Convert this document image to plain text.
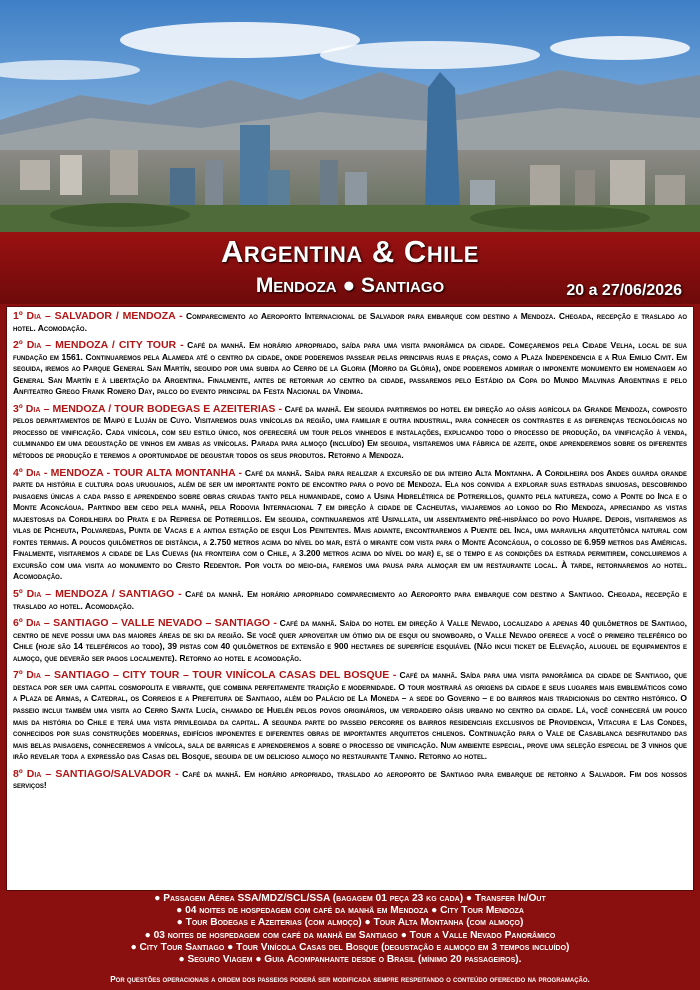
Argentina & Chile
Mendoza ● Santiago	20 a 27/06/2026

1º Dia – SALVADOR / MENDOZA - Comparecimento ao Aeroporto Internacional de Salvador para embarque com destino a Mendoza. Chegada, recepção e traslado ao hotel. Acomodação.

2º Dia – MENDOZA / CITY TOUR - Café da manhã. Em horário apropriado, saída para uma visita panorâmica da cidade. Começaremos pela Cidade Velha, local de sua fundação em 1561. Continuaremos pela Alameda até o centro da cidade, onde poderemos passear pelas principais ruas e praças, como a Plaza Independencia e a Rua Emilio Civit. Em seguida, iremos ao Parque General San Martín, seguido por uma subida ao Cerro de la Gloria (Morro da Glória), onde poderemos admirar o imponente monumento em homenagem ao General San Martín e à libertação da Argentina. Finalmente, antes de retornar ao centro da cidade, passaremos pelo Estádio da Copa do Mundo Malvinas Argentinas e pelo Anfiteatro Grego Frank Romero Day, palco do evento principal da Festa Nacional da Vindima.

3º Dia – MENDOZA / TOUR BODEGAS E AZEITERIAS - Café da manhã. Em seguida partiremos do hotel em direção ao oásis agrícola da Grande Mendoza, composto pelos departamentos de Maipú e Luján de Cuyo. Visitaremos duas vinícolas da região, uma familiar e outra industrial, para conhecer os contrastes e as diferenças tecnológicas no processo de vinificação. Cada vinícola, com seu estilo único, nos oferecerá um tour pelos vinhedos e instalações, explicando todo o processo de produção, da vinificação à venda, culminando em uma degustação de vinhos em ambas as vinícolas. Parada para almoço (incluído) Em seguida, visitaremos uma fábrica de azeite, onde aprenderemos sobre os diferentes métodos de produção e teremos a oportunidade de degustar todos os seus produtos. Retorno a Mendoza.

4º Dia - MENDOZA - TOUR ALTA MONTANHA - Café da manhã. Saída para realizar a excursão de dia inteiro Alta Montanha. A Cordilheira dos Andes guarda grande parte da história e cultura doas uruguaios, além de ser um importante ponto de encontro para o povo de Mendoza. Ela nos convida a explorar suas estradas sinuosas, descobrindo paisagens únicas a cada passo e aprendendo sobre obras criadas tanto pela humanidade, como a Usina Hidrelétrica de Potrerillos, quanto pela natureza, como a Ponte do Inca e o Monte Aconcágua. Partindo bem cedo pela manhã, pela Rodovia Internacional 7 em direção à cidade de Cacheutas, viajaremos ao longo do Rio Mendoza, apreciando as vistas majestosas da Cordilheira do Prata e da Represa de Potrerillos. Em seguida, continuaremos até Uspallata, um assentamento pré-hispânico do povo Huarpe. Depois, visitaremos as vilas de Picheuta, Polvaredas, Punta de Vacas e a antiga estação de esqui Los Penitentes. Mais adiante, encontraremos a Puente del Inca, uma maravilha arquitetônica natural com fontes termais. A poucos quilômetros de distância, a 2.750 metros acima do nível do mar, está o mirante com vista para o Monte Aconcágua, o colosso de 6.959 metros das Américas. Finalmente, visitaremos a cidade de Las Cuevas (na fronteira com o Chile, a 3.200 metros acima do nível do mar) e, se o tempo e as condições da estrada permitirem, concluiremos a excursão com uma visita ao monumento do Cristo Redentor. Por volta do meio-dia, faremos uma pausa para almoçar em um restaurante local. À tarde, retornaremos ao hotel. Acomodação.

5º Dia – MENDOZA / SANTIAGO - Café da manhã. Em horário apropriado comparecimento ao Aeroporto para embarque com destino a Santiago. Chegada, recepção e traslado ao hotel. Acomodação.

6º Dia – SANTIAGO – VALLE NEVADO – SANTIAGO - Café da manhã. Saída do hotel em direção à Valle Nevado, localizado a apenas 40 quilômetros de Santiago, centro de neve possui uma das maiores áreas de ski da região. Se você quer aproveitar um ótimo dia de esqui ou snowboard, o Valle Nevado oferece a você o primeiro teleférico do Chile (hoje são 14 teleféricos ao todo), 39 pistas com 40 quilômetros de extensão e 900 hectares de superfície esquiável (Não incui ticket de Elevação, aluguel de equipamentos e almoço, que deverão ser pagos localmente). Retorno ao hotel e acomodação.

7º Dia – SANTIAGO – CITY TOUR – TOUR VINÍCOLA CASAS DEL BOSQUE - Café da manhã. Saída para uma visita panorâmica da cidade de Santiago, que destaca por ser uma capital cosmopolita e vibrante, que combina perfeitamente tradição e modernidade. O tour mostrará as origens da cidade e seus lugares mais emblemáticos como a Plaza de Armas, a Catedral, os Correios e a Prefeitura de Santiago, além do Palácio de La Moneda – a sede do Governo – e do bairros mais tradicionais do centro histórico. O passeio inclui também uma visita ao Cerro Santa Lucía, chamado de Huelén pelos povos originários, um verdadeiro oásis urbano no centro da cidade. Lá, você conhecerá um pouco mais da história do Chile e terá uma vista privilegiada da capital. A segunda parte do passeio percorre os bairros residenciais exclusivos de Providencia, Vitacura e Las Condes, conhecidos por suas construções modernas, edifícios imponentes e diferentes obras de importantes arquitetos chilenos. Continuação para o Vale de Casablanca desfrutando das mais belas paisagens, conheceremos a vinícola, sala de barricas e aprenderemos a sobre o processo de vinificação. Num ambiente especial, prove uma seleção especial de 3 vinhos que irão revelar toda a expressão das Casas del Bosque, seguida de um delicioso almoço no restaurante Tanino. Retorno ao hotel.

8º Dia – SANTIAGO/SALVADOR - Café da manhã. Em horário apropriado, traslado ao aeroporto de Santiago para embarque de retorno a Salvador. Fim dos nossos serviços!

● Passagem Aérea SSA/MDZ/SCL/SSA (bagagem 01 peça 23 kg cada) ● Transfer In/Out
● 04 noites de hospedagem com café da manhã em Mendoza ● City Tour Mendoza
● Tour Bodegas e Azeiterias (com almoço) ● Tour Alta Montanha (com almoço)
● 03 noites de hospedagem com café da manhã em Santiago ● Tour a Valle Nevado Panorâmico
● City Tour Santiago ● Tour Vinícola Casas del Bosque (degustação e almoço em 3 tempos incluído)
● Seguro Viagem ● Guia Acompanhante desde o Brasil (mínimo 20 passageiros).
Por questões operacionais a ordem dos passeios poderá ser modificada sempre respeitando o conteúdo oferecido na programação.
